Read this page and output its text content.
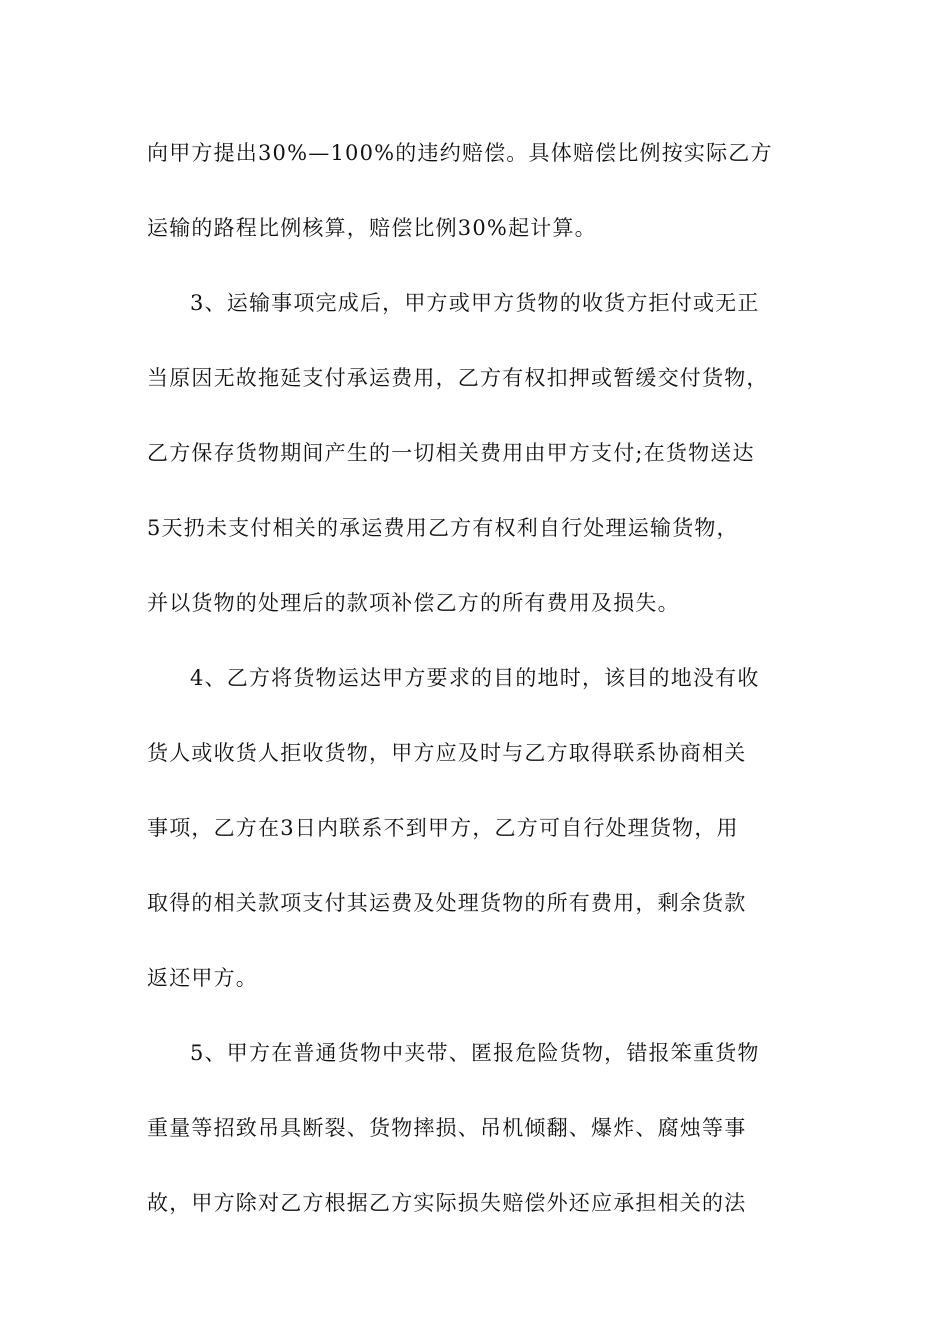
向甲方提出30%—100%的违约赔偿。具体赔偿比例按实际乙方
运输的路程比例核算，赔偿比例30%起计算。
3、运输事项完成后，甲方或甲方货物的收货方拒付或无正
当原因无故拖延支付承运费用，乙方有权扣押或暂缓交付货物，
乙方保存货物期间产生的一切相关费用由甲方支付;在货物送达
5天扔未支付相关的承运费用乙方有权利自行处理运输货物，
并以货物的处理后的款项补偿乙方的所有费用及损失。
4、乙方将货物运达甲方要求的目的地时，该目的地没有收
货人或收货人拒收货物，甲方应及时与乙方取得联系协商相关
事项，乙方在3日内联系不到甲方，乙方可自行处理货物，用
取得的相关款项支付其运费及处理货物的所有费用，剩余货款
返还甲方。
5、甲方在普通货物中夹带、匿报危险货物，错报笨重货物
重量等招致吊具断裂、货物摔损、吊机倾翻、爆炸、腐烛等事
故，甲方除对乙方根据乙方实际损失赔偿外还应承担相关的法
